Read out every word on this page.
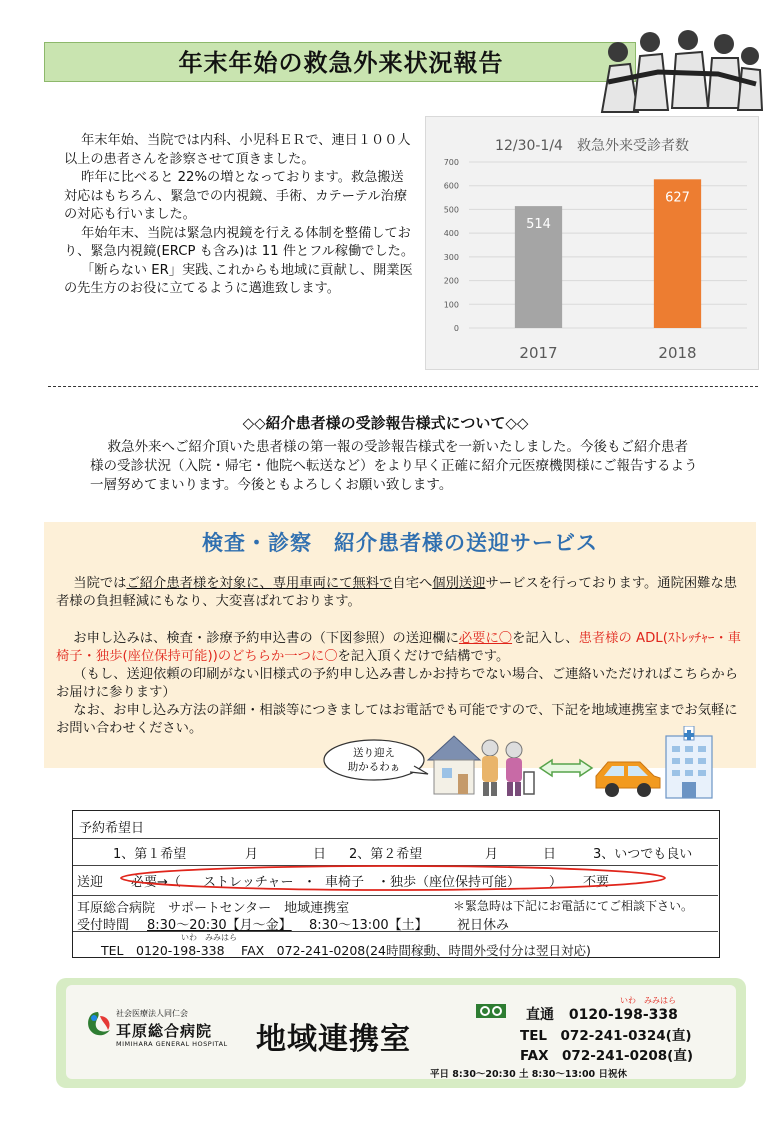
年末年始の救急外来状況報告

年末年始、当院では内科、小児科ＥＲで、連日１００人以上の患者さんを診察させて頂きました。

昨年に比べると 22%の増となっております。救急搬送対応はもちろん、緊急での内視鏡、手術、カテーテル治療の対応も行いました。

年始年末、当院は緊急内視鏡を行える体制を整備しており、緊急内視鏡(ERCP も含み)は 11 件とフル稼働でした。

「断らない ER」実践､これからも地域に貢献し、開業医の先生方のお役に立てるように邁進致します。

12/30-1/4　救急外来受診者数
0
100
200
300
400
500
600
700
514
627
2017	2018
◇◇紹介患者様の受診報告様式について◇◇

救急外来へご紹介頂いた患者様の第一報の受診報告様式を一新いたしました。今後もご紹介患者様の受診状況（入院・帰宅・他院へ転送など）をより早く正確に紹介元医療機関様にご報告するよう一層努めてまいります。今後ともよろしくお願い致します。

検査・診察　紹介患者様の送迎サービス

当院ではご紹介患者様を対象に、専用車両にて無料で自宅へ個別送迎サービスを行っております。通院困難な患者様の負担軽減にもなり、大変喜ばれております。

お申し込みは、検査・診療予約申込書の（下図参照）の送迎欄に必要に〇を記入し、患者様の ADL(ｽﾄﾚｯﾁｬｰ・車椅子・独歩(座位保持可能))のどちらか一つに〇を記入頂くだけで結構です。

（もし、送迎依頼の印刷がない旧様式の予約申し込み書しかお持ちでない場合、ご連絡いただければこちらからお届けに参ります）

なお、お申し込み方法の詳細・相談等につきましてはお電話でも可能ですので、下記を地域連携室までお気軽にお問い合わせください。

送り迎え
助かるわぁ
予約希望日
1、第１希望	月	日 2、第２希望	月	日	3、いつでも良い
送迎 必要→（ ストレッチャー ・ 車椅子 ・独歩（座位保持可能） ） 不要
耳原総合病院　サポートセンター　地域連携室	＊緊急時は下記にお電話にてご相談下さい。
受付時間 8:30〜20:30【月〜金】 8:30〜13:00【土】 祝日休み
いわ　みみはら
TEL　0120-198-338　 FAX　072-241-0208(24時間稼動、時間外受付分は翌日対応)
社会医療法人同仁会
耳原総合病院
MIMIHARA GENERAL HOSPITAL 地域連携室
いわ　みみはら
直通 0120-198-338
TEL　072-241-0324(直)
FAX　072-241-0208(直)
平日 8:30〜20:30 土 8:30〜13:00 日祝休
